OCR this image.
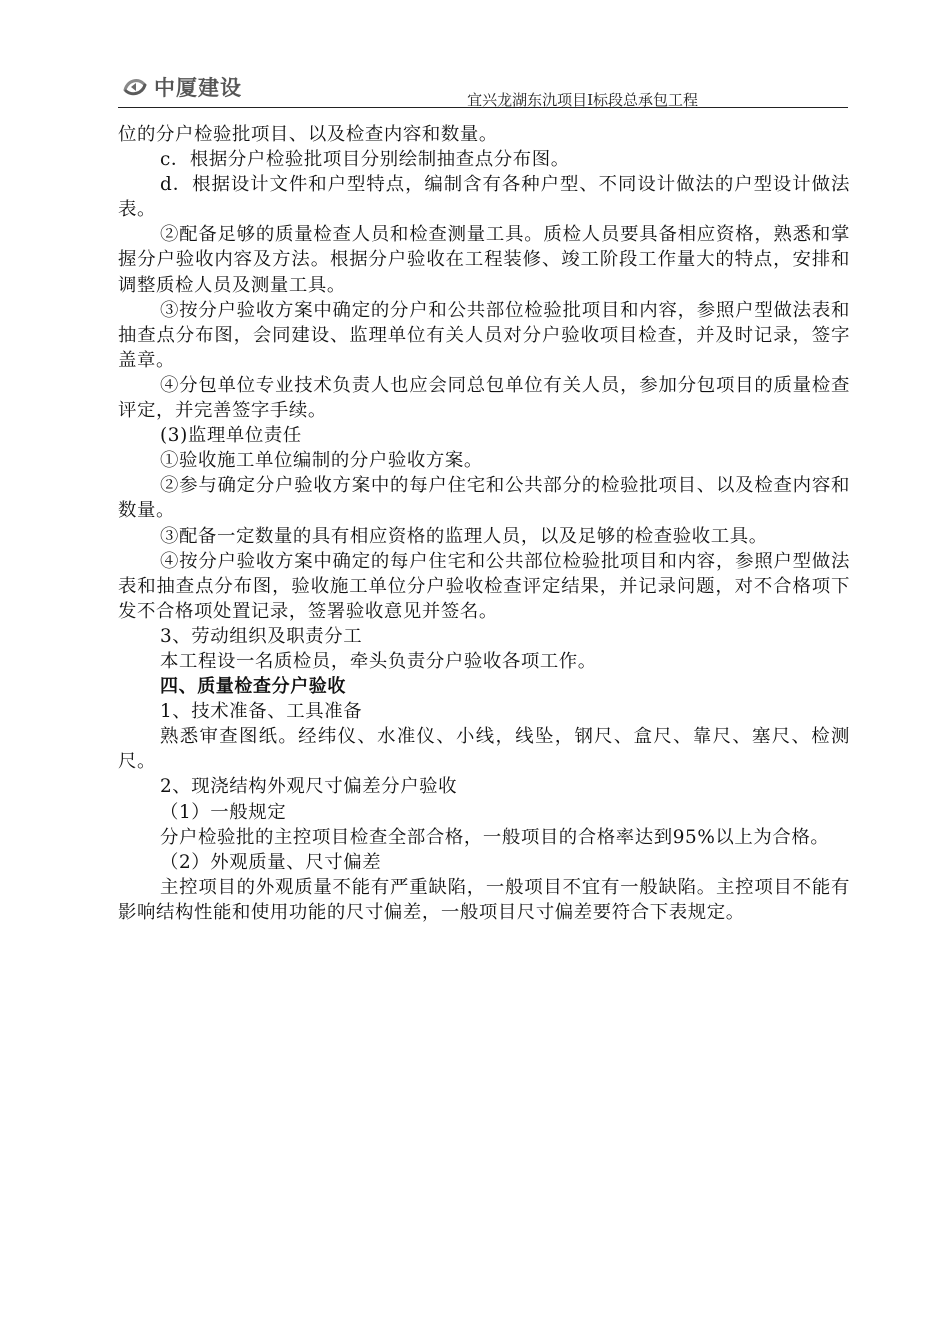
中厦建设	宜兴龙湖东氿项目Ⅰ标段总承包工程

位的分户检验批项目、以及检查内容和数量。

c．根据分户检验批项目分别绘制抽查点分布图。

d．根据设计文件和户型特点，编制含有各种户型、不同设计做法的户型设计做法表。

②配备足够的质量检查人员和检查测量工具。质检人员要具备相应资格，熟悉和掌握分户验收内容及方法。根据分户验收在工程装修、竣工阶段工作量大的特点，安排和调整质检人员及测量工具。

③按分户验收方案中确定的分户和公共部位检验批项目和内容，参照户型做法表和抽查点分布图，会同建设、监理单位有关人员对分户验收项目检查，并及时记录，签字盖章。

④分包单位专业技术负责人也应会同总包单位有关人员，参加分包项目的质量检查评定，并完善签字手续。

(3)监理单位责任

①验收施工单位编制的分户验收方案。

②参与确定分户验收方案中的每户住宅和公共部分的检验批项目、以及检查内容和数量。

③配备一定数量的具有相应资格的监理人员，以及足够的检查验收工具。

④按分户验收方案中确定的每户住宅和公共部位检验批项目和内容，参照户型做法表和抽查点分布图，验收施工单位分户验收检查评定结果，并记录问题，对不合格项下发不合格项处置记录，签署验收意见并签名。

3、劳动组织及职责分工

本工程设一名质检员，牵头负责分户验收各项工作。

四、质量检查分户验收

1、技术准备、工具准备

熟悉审查图纸。经纬仪、水准仪、小线，线坠，钢尺、盒尺、靠尺、塞尺、检测尺。

2、现浇结构外观尺寸偏差分户验收

（1）一般规定

分户检验批的主控项目检查全部合格，一般项目的合格率达到95%以上为合格。

（2）外观质量、尺寸偏差

主控项目的外观质量不能有严重缺陷，一般项目不宜有一般缺陷。主控项目不能有影响结构性能和使用功能的尺寸偏差，一般项目尺寸偏差要符合下表规定。
